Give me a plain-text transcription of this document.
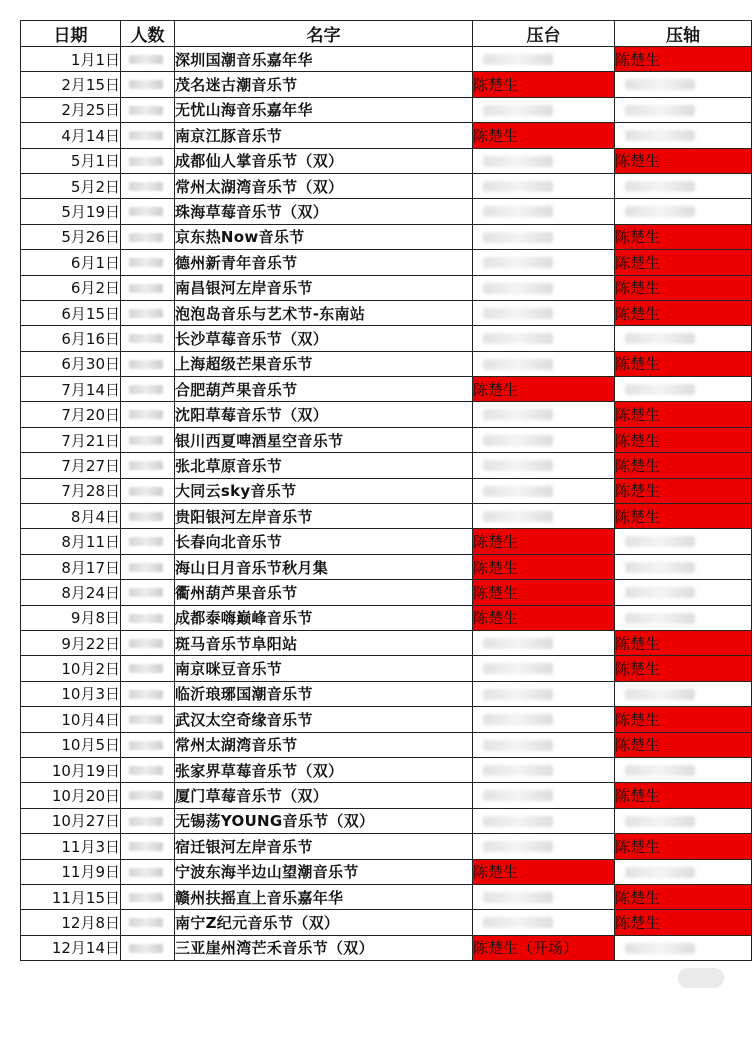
日期	人数	名字	压台	压轴
1月1日		深圳国潮音乐嘉年华		陈楚生
2月15日		茂名迷古潮音乐节	陈楚生	

2月25日		无忧山海音乐嘉年华	

4月14日		南京江豚音乐节	陈楚生	

5月1日		成都仙人掌音乐节（双）		陈楚生
5月2日		常州太湖湾音乐节（双）	

5月19日		珠海草莓音乐节（双）	

5月26日		京东热Now音乐节		陈楚生
6月1日		德州新青年音乐节		陈楚生
6月2日		南昌银河左岸音乐节		陈楚生
6月15日		泡泡岛音乐与艺术节-东南站		陈楚生
6月16日		长沙草莓音乐节（双）	

6月30日		上海超级芒果音乐节		陈楚生
7月14日		合肥葫芦果音乐节	陈楚生	

7月20日		沈阳草莓音乐节（双）		陈楚生
7月21日		银川西夏啤酒星空音乐节		陈楚生
7月27日		张北草原音乐节		陈楚生
7月28日		大同云sky音乐节		陈楚生
8月4日		贵阳银河左岸音乐节		陈楚生
8月11日		长春向北音乐节	陈楚生	

8月17日		海山日月音乐节秋月集	陈楚生	

8月24日		衢州葫芦果音乐节	陈楚生	

9月8日		成都泰嗨巅峰音乐节	陈楚生	

9月22日		斑马音乐节阜阳站		陈楚生
10月2日		南京咪豆音乐节		陈楚生
10月3日		临沂琅琊国潮音乐节	

10月4日		武汉太空奇缘音乐节		陈楚生
10月5日		常州太湖湾音乐节		陈楚生
10月19日		张家界草莓音乐节（双）	

10月20日		厦门草莓音乐节（双）		陈楚生
10月27日		无锡荡YOUNG音乐节（双）	

11月3日		宿迁银河左岸音乐节		陈楚生
11月9日		宁波东海半边山望潮音乐节	陈楚生	

11月15日		赣州扶摇直上音乐嘉年华		陈楚生
12月8日		南宁Z纪元音乐节（双）		陈楚生
12月14日		三亚崖州湾芒禾音乐节（双）	陈楚生（开场）	
